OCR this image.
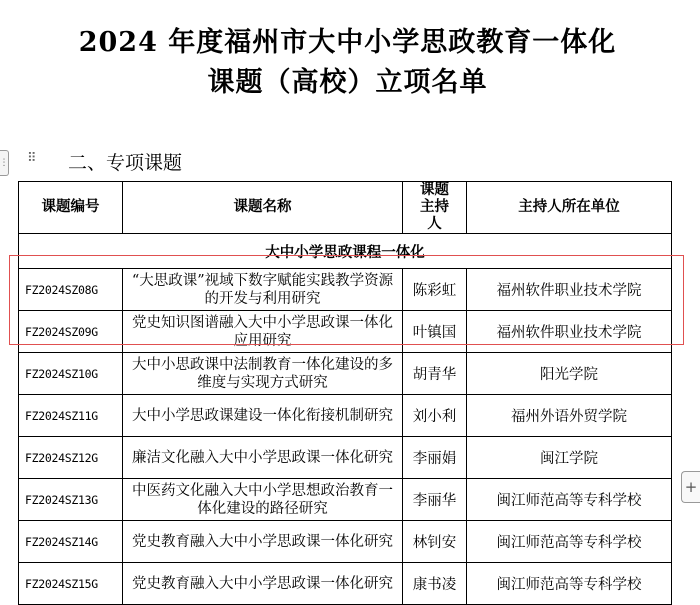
2024 年度福州市大中小学思政教育一体化
课题（高校）立项名单
⋮ ⠿ 二、专项课题
课题编号	课题名称	课题主持人	主持人所在单位
大中小学思政课程一体化			
FZ2024SZ08G	“大思政课”视域下数字赋能实践教学资源的开发与利用研究	陈彩虹	福州软件职业技术学院
FZ2024SZ09G	党史知识图谱融入大中小学思政课一体化应用研究	叶镇国	福州软件职业技术学院
FZ2024SZ10G	大中小思政课中法制教育一体化建设的多维度与实现方式研究	胡青华	阳光学院
FZ2024SZ11G	大中小学思政课建设一体化衔接机制研究	刘小利	福州外语外贸学院
FZ2024SZ12G	廉洁文化融入大中小学思政课一体化研究	李丽娟	闽江学院
FZ2024SZ13G	中医药文化融入大中小学思想政治教育一体化建设的路径研究	李丽华	闽江师范高等专科学校
FZ2024SZ14G	党史教育融入大中小学思政课一体化研究	林钊安	闽江师范高等专科学校
FZ2024SZ15G	党史教育融入大中小学思政课一体化研究	康书凌	闽江师范高等专科学校
+
